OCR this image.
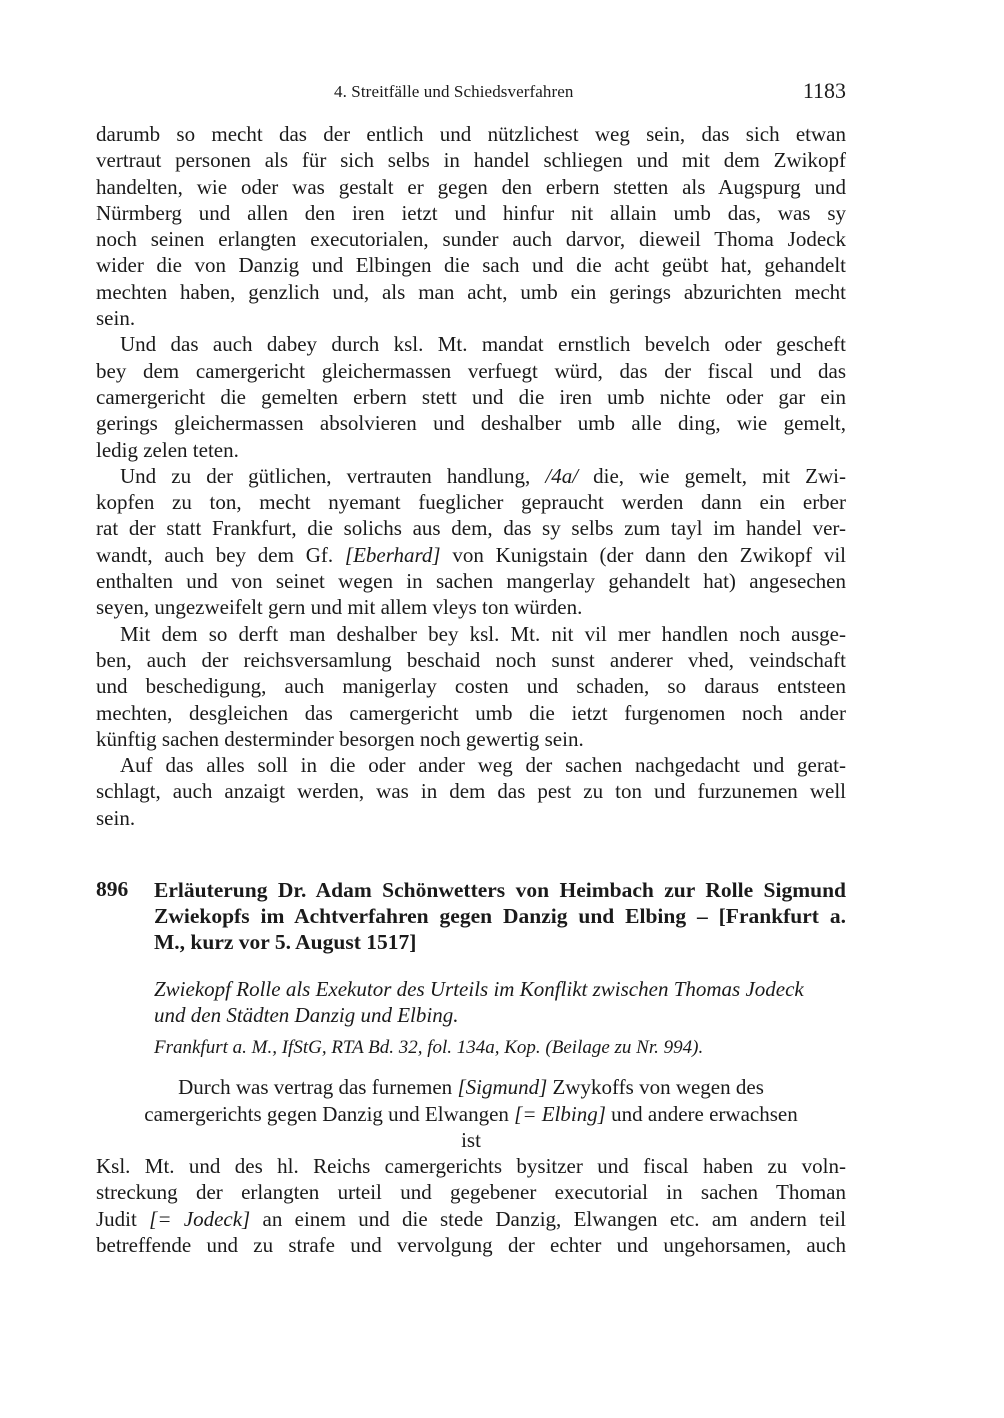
4. Streitfälle und Schiedsverfahren	1183

darumb so mecht das der entlich und nützlichest weg sein, das sich etwan
vertraut personen als für sich selbs in handel schliegen und mit dem Zwikopf
handelten, wie oder was gestalt er gegen den erbern stetten als Augspurg und
Nürmberg und allen den iren ietzt und hinfur nit allain umb das, was sy
noch seinen erlangten executorialen, sunder auch darvor, dieweil Thoma Jodeck
wider die von Danzig und Elbingen die sach und die acht geübt hat, gehandelt
mechten haben, genzlich und, als man acht, umb ein gerings abzurichten mecht
sein.

Und das auch dabey durch ksl. Mt. mandat ernstlich bevelch oder gescheft
bey dem camergericht gleichermassen verfuegt würd, das der fiscal und das
camergericht die gemelten erbern stett und die iren umb nichte oder gar ein
gerings gleichermassen absolvieren und deshalber umb alle ding, wie gemelt,
ledig zelen teten.

Und zu der gütlichen, vertrauten handlung, /4a/ die, wie gemelt, mit Zwi-
kopfen zu ton, mecht nyemant fueglicher gepraucht werden dann ein erber
rat der statt Frankfurt, die solichs aus dem, das sy selbs zum tayl im handel ver-
wandt, auch bey dem Gf. [Eberhard] von Kunigstain (der dann den Zwikopf vil
enthalten und von seinet wegen in sachen mangerlay gehandelt hat) angesechen
seyen, ungezweifelt gern und mit allem vleys ton würden.

Mit dem so derft man deshalber bey ksl. Mt. nit vil mer handlen noch ausge-
ben, auch der reichsversamlung beschaid noch sunst anderer vhed, veindschaft
und beschedigung, auch manigerlay costen und schaden, so daraus entsteen
mechten, desgleichen das camergericht umb die ietzt furgenomen noch ander
künftig sachen desterminder besorgen noch gewertig sein.

Auf das alles soll in die oder ander weg der sachen nachgedacht und gerat-
schlagt, auch anzaigt werden, was in dem das pest zu ton und furzunemen well
sein.

896 Erläuterung Dr. Adam Schönwetters von Heimbach zur Rolle Sigmund
Zwiekopfs im Achtverfahren gegen Danzig und Elbing – [Frankfurt a.
M., kurz vor 5. August 1517]
Zwiekopf Rolle als Exekutor des Urteils im Konflikt zwischen Thomas Jodeck
und den Städten Danzig und Elbing.
Frankfurt a. M., IfStG, RTA Bd. 32, fol. 134a, Kop. (Beilage zu Nr. 994).
Durch was vertrag das furnemen [Sigmund] Zwykoffs von wegen des
camergerichts gegen Danzig und Elwangen [= Elbing] und andere erwachsen
ist
Ksl. Mt. und des hl. Reichs camergerichts bysitzer und fiscal haben zu voln-
streckung der erlangten urteil und gegebener executorial in sachen Thoman
Judit [= Jodeck] an einem und die stede Danzig, Elwangen etc. am andern teil
betreffende und zu strafe und vervolgung der echter und ungehorsamen, auch
